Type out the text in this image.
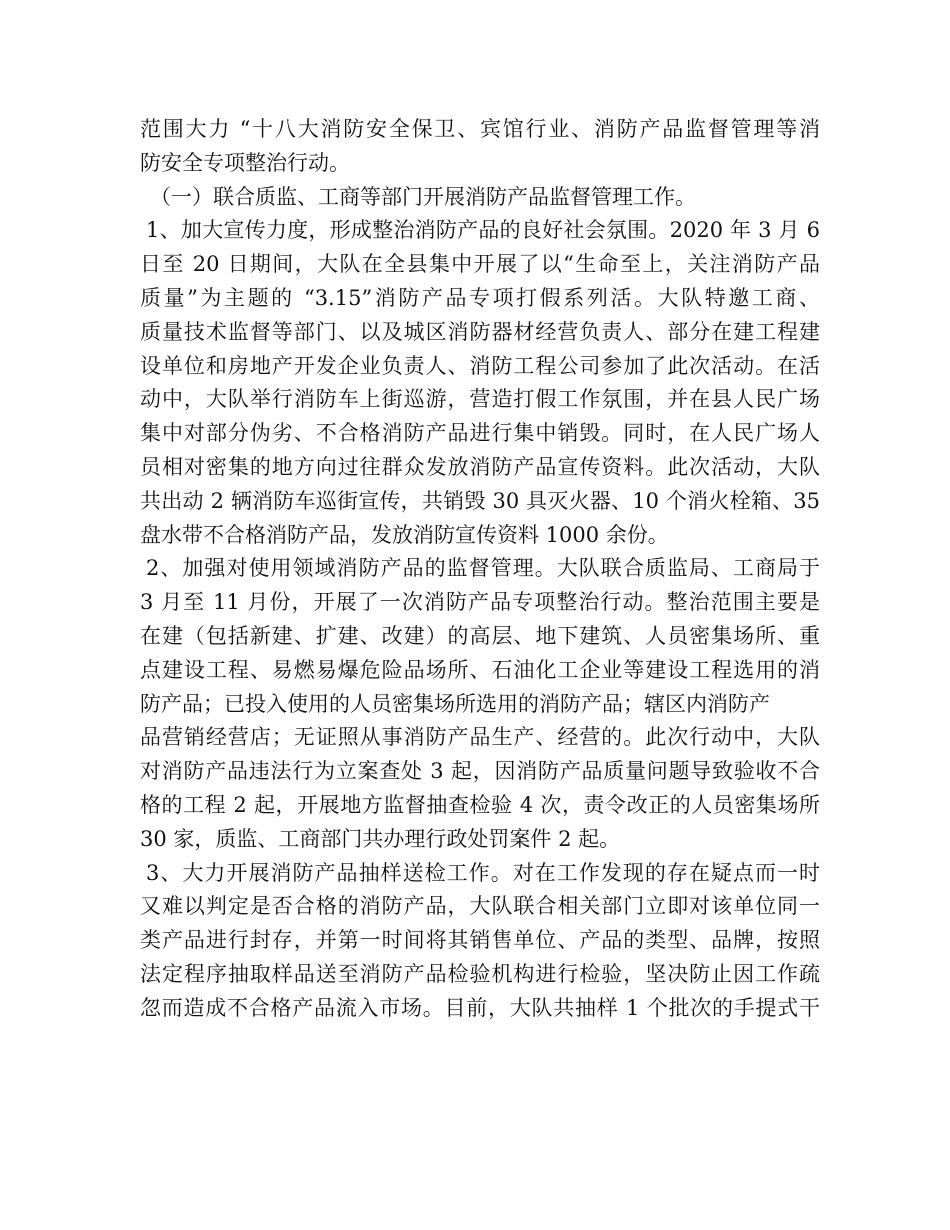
范围大力 “十八大消防安全保卫、宾馆行业、消防产品监督管理等消
防安全专项整治行动。
（一）联合质监、工商等部门开展消防产品监督管理工作。
1、加大宣传力度，形成整治消防产品的良好社会氛围。2020 年 3 月 6
日至 20 日期间，大队在全县集中开展了以“生命至上，关注消防产品
质量”为主题的 “3.15”消防产品专项打假系列活。大队特邀工商、
质量技术监督等部门、以及城区消防器材经营负责人、部分在建工程建
设单位和房地产开发企业负责人、消防工程公司参加了此次活动。在活
动中，大队举行消防车上街巡游，营造打假工作氛围，并在县人民广场
集中对部分伪劣、不合格消防产品进行集中销毁。同时，在人民广场人
员相对密集的地方向过往群众发放消防产品宣传资料。此次活动，大队
共出动 2 辆消防车巡街宣传，共销毁 30 具灭火器、10 个消火栓箱、35
盘水带不合格消防产品，发放消防宣传资料 1000 余份。
2、加强对使用领域消防产品的监督管理。大队联合质监局、工商局于
3 月至 11 月份，开展了一次消防产品专项整治行动。整治范围主要是
在建（包括新建、扩建、改建）的高层、地下建筑、人员密集场所、重
点建设工程、易燃易爆危险品场所、石油化工企业等建设工程选用的消
防产品；已投入使用的人员密集场所选用的消防产品；辖区内消防产
品营销经营店；无证照从事消防产品生产、经营的。此次行动中，大队
对消防产品违法行为立案查处 3 起，因消防产品质量问题导致验收不合
格的工程 2 起，开展地方监督抽查检验 4 次，责令改正的人员密集场所
30 家，质监、工商部门共办理行政处罚案件 2 起。
3、大力开展消防产品抽样送检工作。对在工作发现的存在疑点而一时
又难以判定是否合格的消防产品，大队联合相关部门立即对该单位同一
类产品进行封存，并第一时间将其销售单位、产品的类型、品牌，按照
法定程序抽取样品送至消防产品检验机构进行检验，坚决防止因工作疏
忽而造成不合格产品流入市场。目前，大队共抽样 1 个批次的手提式干
